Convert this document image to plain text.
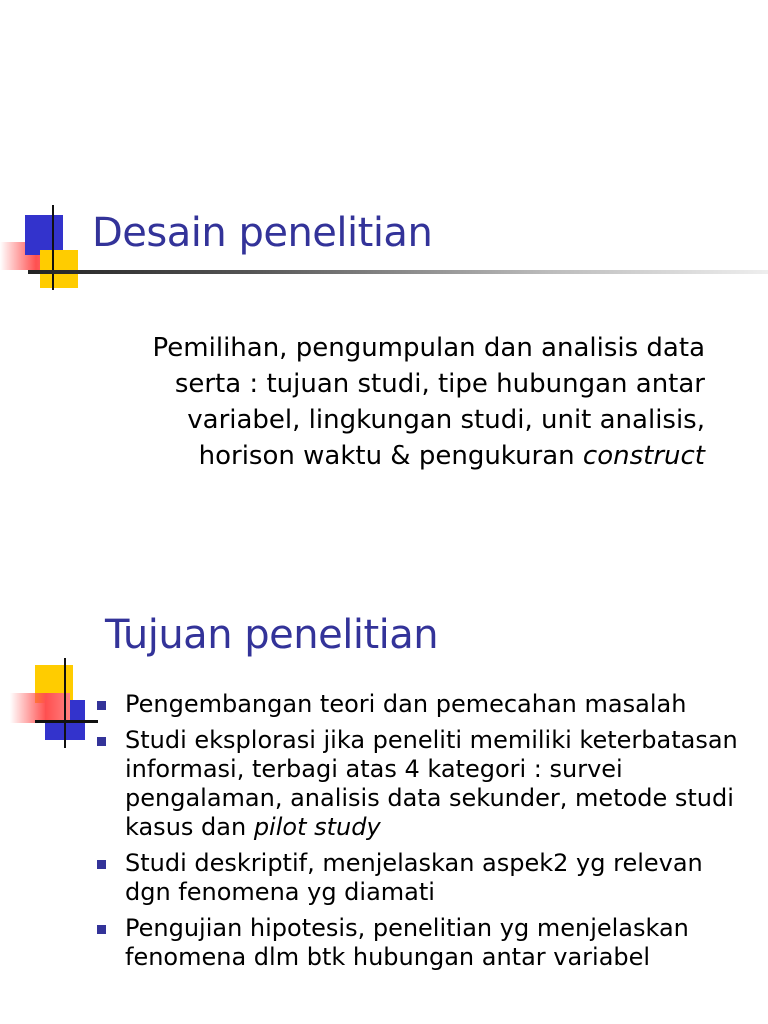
Desain penelitian
Pemilihan, pengumpulan dan analisis data serta : tujuan studi, tipe hubungan antar variabel, lingkungan studi, unit analisis, horison waktu & pengukuran construct
Tujuan penelitian
Pengembangan teori dan pemecahan masalah
Studi eksplorasi jika peneliti memiliki keterbatasan informasi, terbagi atas 4 kategori : survei pengalaman, analisis data sekunder, metode studi kasus dan pilot study
Studi deskriptif, menjelaskan aspek2 yg relevan dgn fenomena yg diamati
Pengujian hipotesis, penelitian yg menjelaskan fenomena dlm btk hubungan antar variabel
